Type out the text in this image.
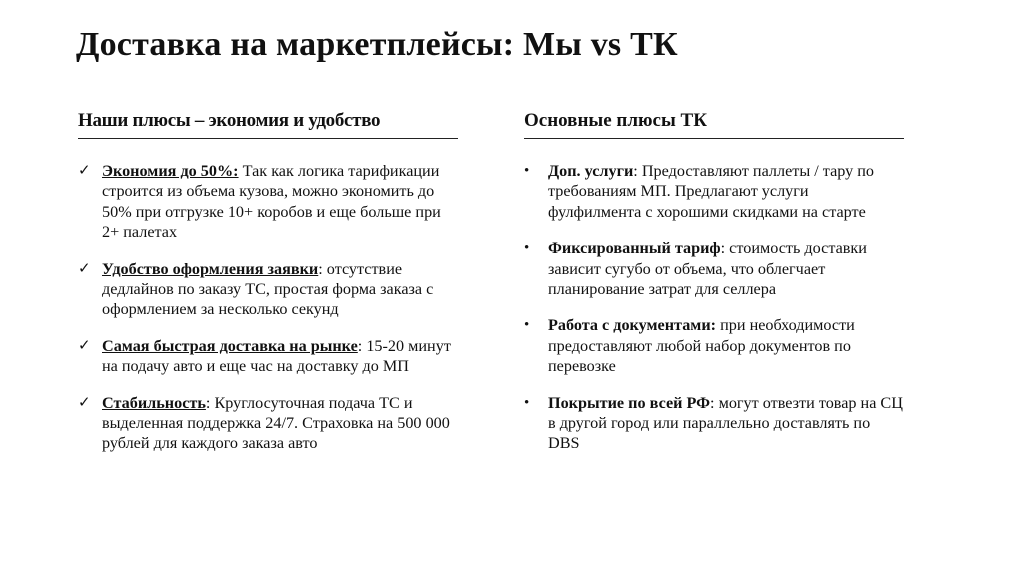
Доставка на маркетплейсы: Мы vs ТК
Наши плюсы – экономия и удобство
✓ Экономия до 50%: Так как логика тарификации строится из объема кузова, можно экономить до 50% при отгрузке 10+ коробов и еще больше при 2+ палетах
✓ Удобство оформления заявки: отсутствие дедлайнов по заказу ТС, простая форма заказа с оформлением за несколько секунд
✓ Самая быстрая доставка на рынке: 15-20 минут на подачу авто и еще час на доставку до МП
✓ Стабильность: Круглосуточная подача ТС и выделенная поддержка 24/7. Страховка на 500 000 рублей для каждого заказа авто
Основные плюсы ТК
•	Доп. услуги: Предоставляют паллеты / тару по требованиям МП. Предлагают услуги фулфилмента с хорошими скидками на старте
•	Фиксированный тариф: стоимость доставки зависит сугубо от объема, что облегчает планирование затрат для селлера
•	Работа с документами: при необходимости предоставляют любой набор документов по перевозке
•	Покрытие по всей РФ: могут отвезти товар на СЦ в другой город или параллельно доставлять по DBS
